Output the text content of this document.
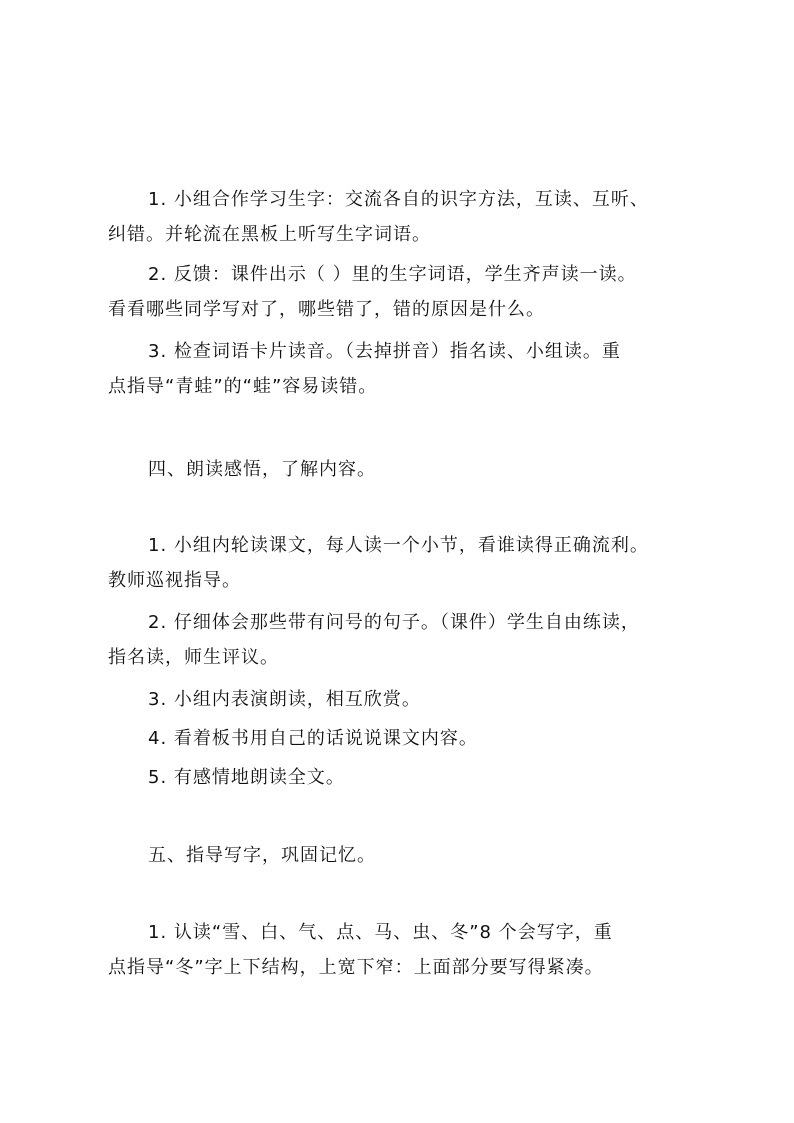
1. 小组合作学习生字：交流各自的识字方法，互读、互听、
纠错。并轮流在黑板上听写生字词语。
2. 反馈：课件出示（ ）里的生字词语，学生齐声读一读。
看看哪些同学写对了，哪些错了，错的原因是什么。
3. 检查词语卡片读音。（去掉拼音）指名读、小组读。重
点指导“青蛙”的“蛙”容易读错。
四、朗读感悟，了解内容。
1. 小组内轮读课文，每人读一个小节，看谁读得正确流利。
教师巡视指导。
2. 仔细体会那些带有问号的句子。（课件）学生自由练读，
指名读，师生评议。
3. 小组内表演朗读，相互欣赏。
4. 看着板书用自己的话说说课文内容。
5. 有感情地朗读全文。
五、指导写字，巩固记忆。
1. 认读“雪、白、气、点、马、虫、冬”8 个会写字，重
点指导“冬”字上下结构，上宽下窄：上面部分要写得紧凑。
